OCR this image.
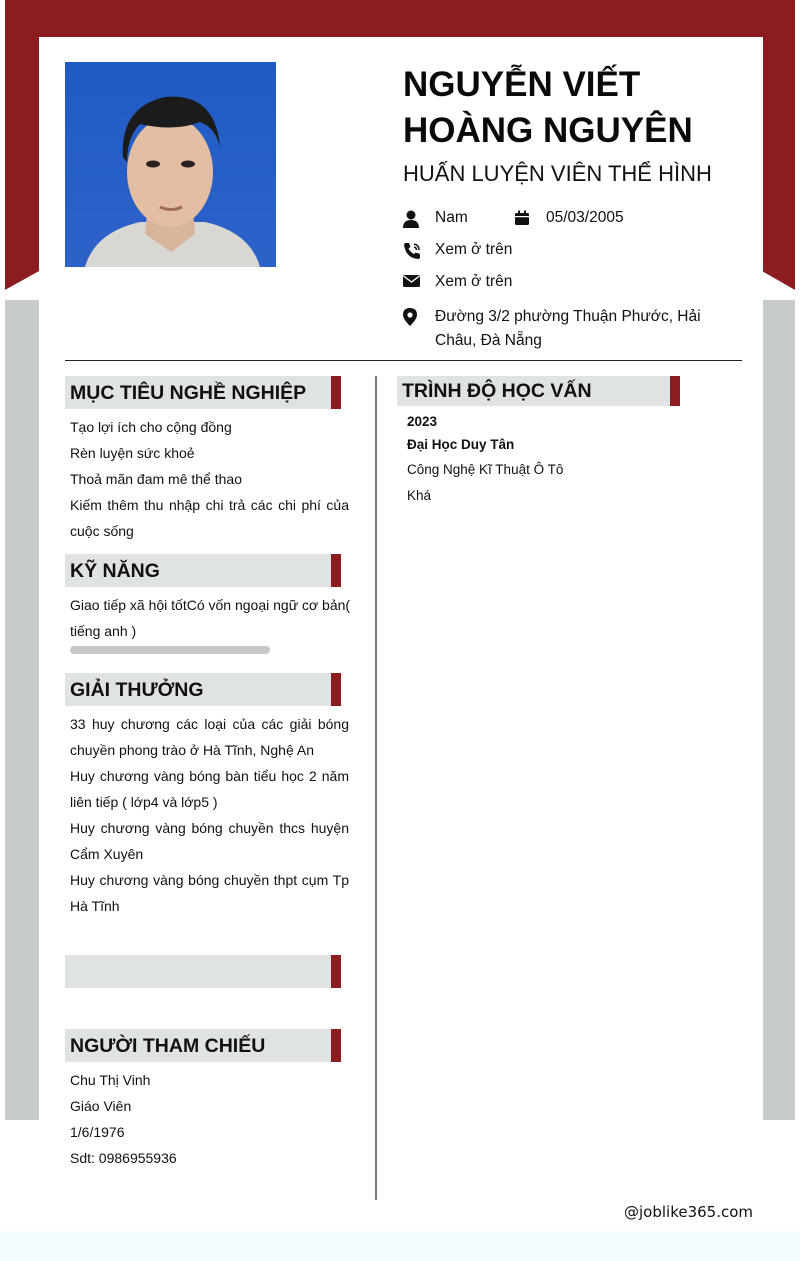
NGUYỄN VIẾT
HOÀNG NGUYÊN
HUẤN LUYỆN VIÊN THỂ HÌNH
Nam	05/03/2005
Xem ở trên
Xem ở trên
Đường 3/2 phường Thuận Phước, Hải
Châu, Đà Nẵng
MỤC TIÊU NGHỀ NGHIỆP
Tạo lợi ích cho cộng đồng
Rèn luyện sức khoẻ
Thoả mãn đam mê thể thao
Kiếm thêm thu nhập chi trả các chi phí của cuộc sống
KỸ NĂNG
Giao tiếp xã hội tốtCó vốn ngoại ngữ cơ bản( tiếng anh )
GIẢI THƯỞNG
33 huy chương các loại của các giải bóng chuyền phong trào ở Hà Tĩnh, Nghệ An
Huy chương vàng bóng bàn tiểu học 2 năm liên tiếp ( lớp4 và lớp5 )
Huy chương vàng bóng chuyền thcs huyện Cẩm Xuyên
Huy chương vàng bóng chuyền thpt cụm Tp Hà Tĩnh
NGƯỜI THAM CHIẾU
Chu Thị Vinh
Giáo Viên
1/6/1976
Sdt: 0986955936
TRÌNH ĐỘ HỌC VẤN
2023
Đại Học Duy Tân
Công Nghệ Kĩ Thuật Ô Tô
Khá
@joblike365.com
